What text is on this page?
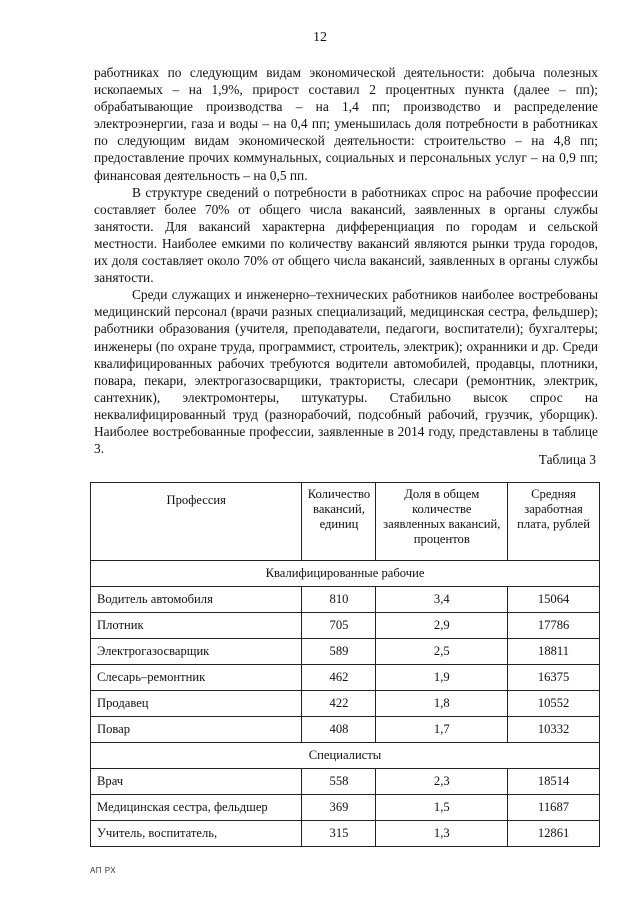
12

работниках по следующим видам экономической деятельности: добыча полезных ископаемых – на 1,9%, прирост составил 2 процентных пункта (далее – пп); обрабатывающие производства – на 1,4 пп; производство и распределение электроэнергии, газа и воды – на 0,4 пп; уменьшилась доля потребности в работниках по следующим видам экономической деятельности: строительство – на 4,8 пп; предоставление прочих коммунальных, социальных и персональных услуг – на 0,9 пп; финансовая деятельность – на 0,5 пп.

В структуре сведений о потребности в работниках спрос на рабочие профессии составляет более 70% от общего числа вакансий, заявленных в органы службы занятости. Для вакансий характерна дифференциация по городам и сельской местности. Наиболее емкими по количеству вакансий являются рынки труда городов, их доля составляет около 70% от общего числа вакансий, заявленных в органы службы занятости.

Среди служащих и инженерно–технических работников наиболее востребованы медицинский персонал (врачи разных специализаций, медицинская сестра, фельдшер); работники образования (учителя, преподаватели, педагоги, воспитатели); бухгалтеры; инженеры (по охране труда, программист, строитель, электрик); охранники и др. Среди квалифицированных рабочих требуются водители автомобилей, продавцы, плотники, повара, пекари, электрогазосварщики, трактористы, слесари (ремонтник, электрик, сантехник), электромонтеры, штукатуры. Стабильно высок спрос на неквалифицированный труд (разнорабочий, подсобный рабочий, грузчик, уборщик). Наиболее востребованные профессии, заявленные в 2014 году, представлены в таблице 3.

Таблица 3
Профессия	Количество вакансий, единиц	Доля в общем количестве заявленных вакансий, процентов	Средняя заработная плата, рублей
Квалифицированные рабочие			
Водитель автомобиля	810	3,4	15064
Плотник	705	2,9	17786
Электрогазосварщик	589	2,5	18811
Слесарь–ремонтник	462	1,9	16375
Продавец	422	1,8	10552
Повар	408	1,7	10332
Специалисты			
Врач	558	2,3	18514
Медицинская сестра, фельдшер	369	1,5	11687
Учитель, воспитатель,	315	1,3	12861
АП РХ
